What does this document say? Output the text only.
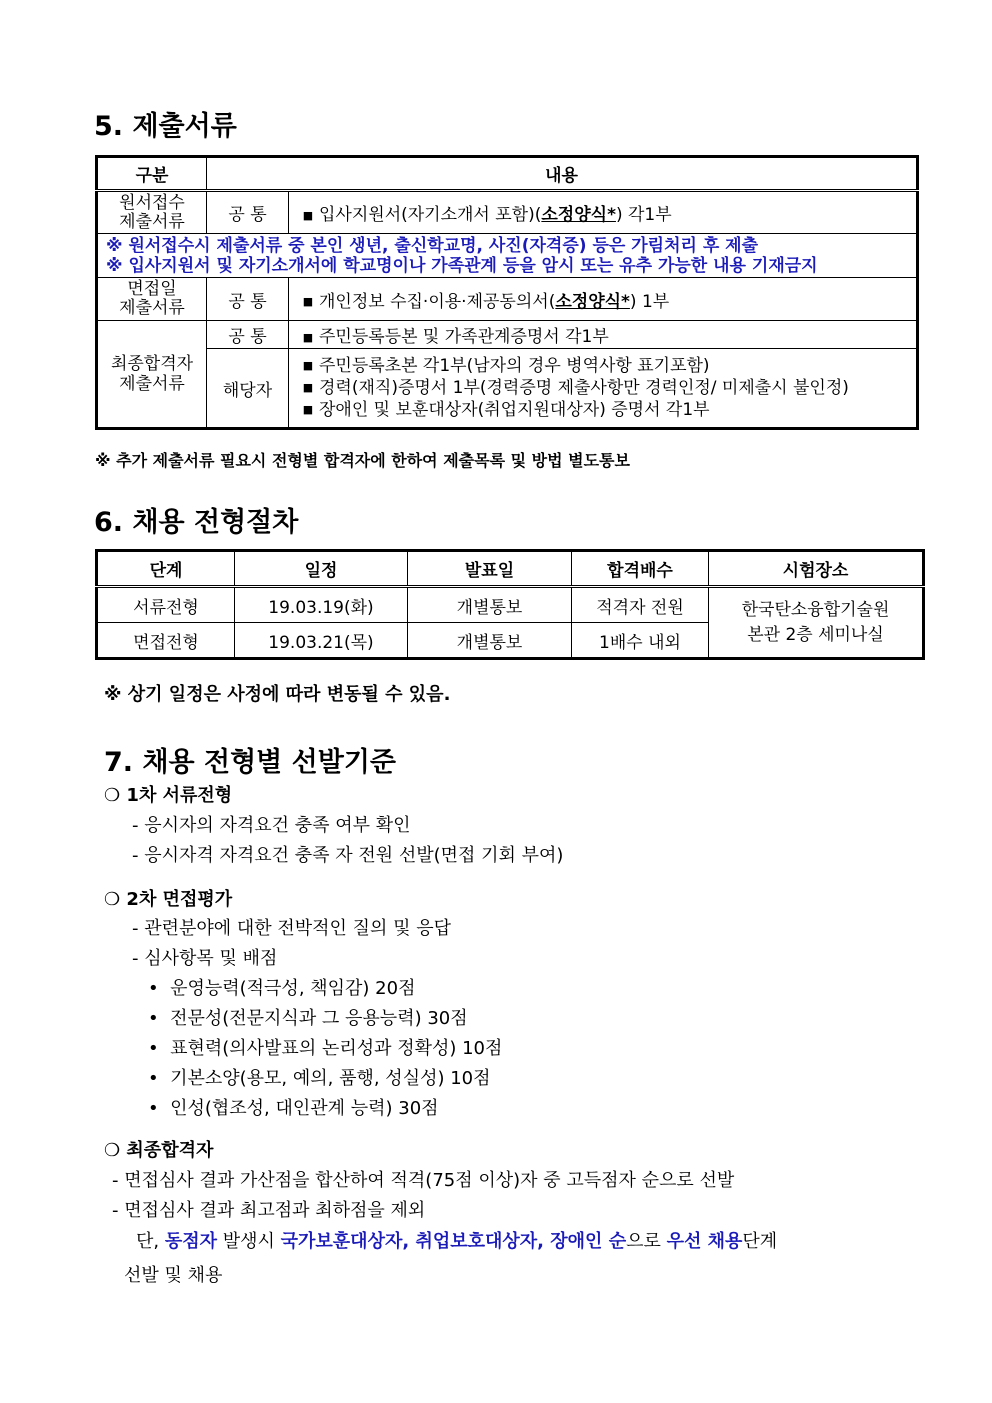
5. 제출서류
구분	내용	
원서접수
제출서류	공 통	■ 입사지원서(자기소개서 포함)(소정양식*) 각1부

※ 원서접수시 제출서류 중 본인 생년, 출신학교명, 사진(자격증) 등은 가림처리 후 제출
※ 입사지원서 및 자기소개서에 학교명이나 가족관계 등을 암시 또는 유추 가능한 내용 기재금지		

면접일
제출서류	공 통	■ 개인정보 수집·이용·제공동의서(소정양식*) 1부
최종합격자
제출서류	공 통	■ 주민등록등본 및 가족관계증명서 각1부
	해당자	■ 주민등록초본 각1부(남자의 경우 병역사항 표기포함)
■ 경력(재직)증명서 1부(경력증명 제출사항만 경력인정/ 미제출시 불인정)
■ 장애인 및 보훈대상자(취업지원대상자) 증명서 각1부
※ 추가 제출서류 필요시 전형별 합격자에 한하여 제출목록 및 방법 별도통보
6. 채용 전형절차
단계	일정	발표일	합격배수	시험장소
서류전형	19.03.19(화)	개별통보	적격자 전원	한국탄소융합기술원
본관 2층 세미나실
면접전형	19.03.21(목)	개별통보	1배수 내외	
※ 상기 일정은 사정에 따라 변동될 수 있음.
7. 채용 전형별 선발기준
❍ 1차 서류전형
- 응시자의 자격요건 충족 여부 확인
- 응시자격 자격요건 충족 자 전원 선발(면접 기회 부여)
❍ 2차 면접평가
- 관련분야에 대한 전박적인 질의 및 응답
- 심사항목 및 배점
• 운영능력(적극성, 책임감) 20점
• 전문성(전문지식과 그 응용능력) 30점
• 표현력(의사발표의 논리성과 정확성) 10점
• 기본소양(용모, 예의, 품행, 성실성) 10점
• 인성(협조성, 대인관계 능력) 30점
❍ 최종합격자
- 면접심사 결과 가산점을 합산하여 적격(75점 이상)자 중 고득점자 순으로 선발
- 면접심사 결과 최고점과 최하점을 제외
단, 동점자 발생시 국가보훈대상자, 취업보호대상자, 장애인 순으로 우선 채용단계
선발 및 채용
